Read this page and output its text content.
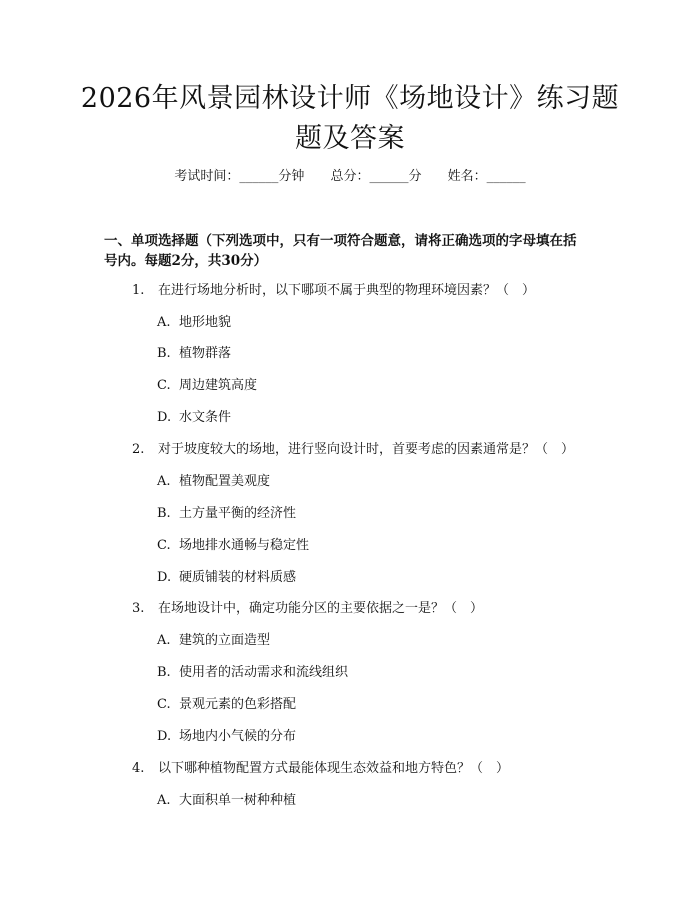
2026年风景园林设计师《场地设计》练习题
题及答案
考试时间：______分钟 总分：______分 姓名：______

一、单项选择题（下列选项中，只有一项符合题意，请将正确选项的字母填在括

号内。每题2分，共30分）

1. 在进行场地分析时，以下哪项不属于典型的物理环境因素？（　）
A. 地形地貌
B. 植物群落
C. 周边建筑高度
D. 水文条件
2. 对于坡度较大的场地，进行竖向设计时，首要考虑的因素通常是？（　）
A. 植物配置美观度
B. 土方量平衡的经济性
C. 场地排水通畅与稳定性
D. 硬质铺装的材料质感
3. 在场地设计中，确定功能分区的主要依据之一是？（　）
A. 建筑的立面造型
B. 使用者的活动需求和流线组织
C. 景观元素的色彩搭配
D. 场地内小气候的分布
4. 以下哪种植物配置方式最能体现生态效益和地方特色？（　）
A. 大面积单一树种种植
